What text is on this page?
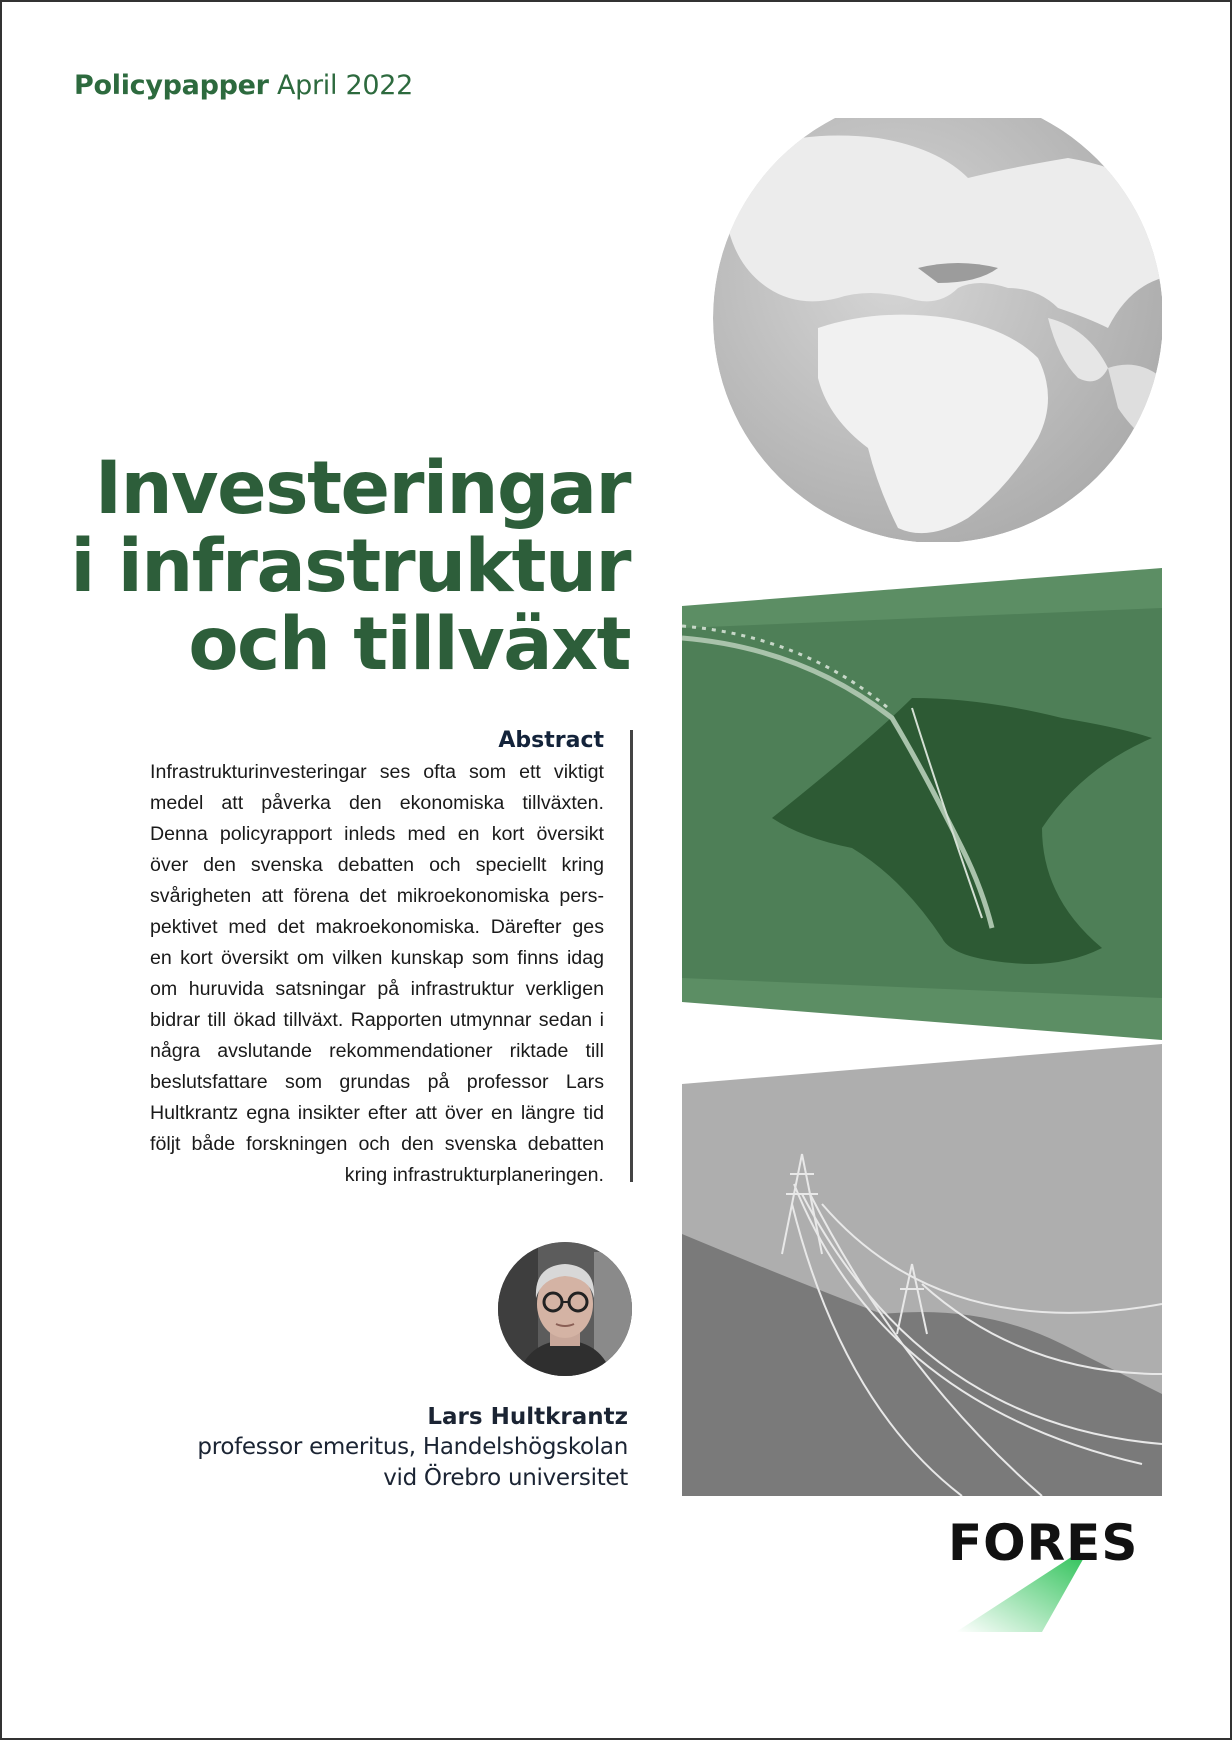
Policypapper April 2022
Investeringar
i infrastruktur
och tillväxt
Abstract

Infrastrukturinvesteringar ses ofta som ett viktigt medel att påverka den ekonomiska tillväxten. Denna policyrapport inleds med en kort översikt över den svenska debatten och speciellt kring svårigheten att förena det mikroekonomiska perspektivet med det makroekonomiska. Därefter ges en kort översikt om vilken kunskap som finns idag om huruvida satsningar på infrastruktur verkligen bidrar till ökad tillväxt. Rapporten utmynnar sedan i några avslutande rekommendationer riktade till beslutsfattare som grundas på professor Lars Hultkrantz egna insikter efter att över en längre tid följt både forskningen och den svenska debatten kring infrastrukturplaneringen.

Lars Hultkrantz
professor emeritus, Handelshögskolan
vid Örebro universitet
FORES
